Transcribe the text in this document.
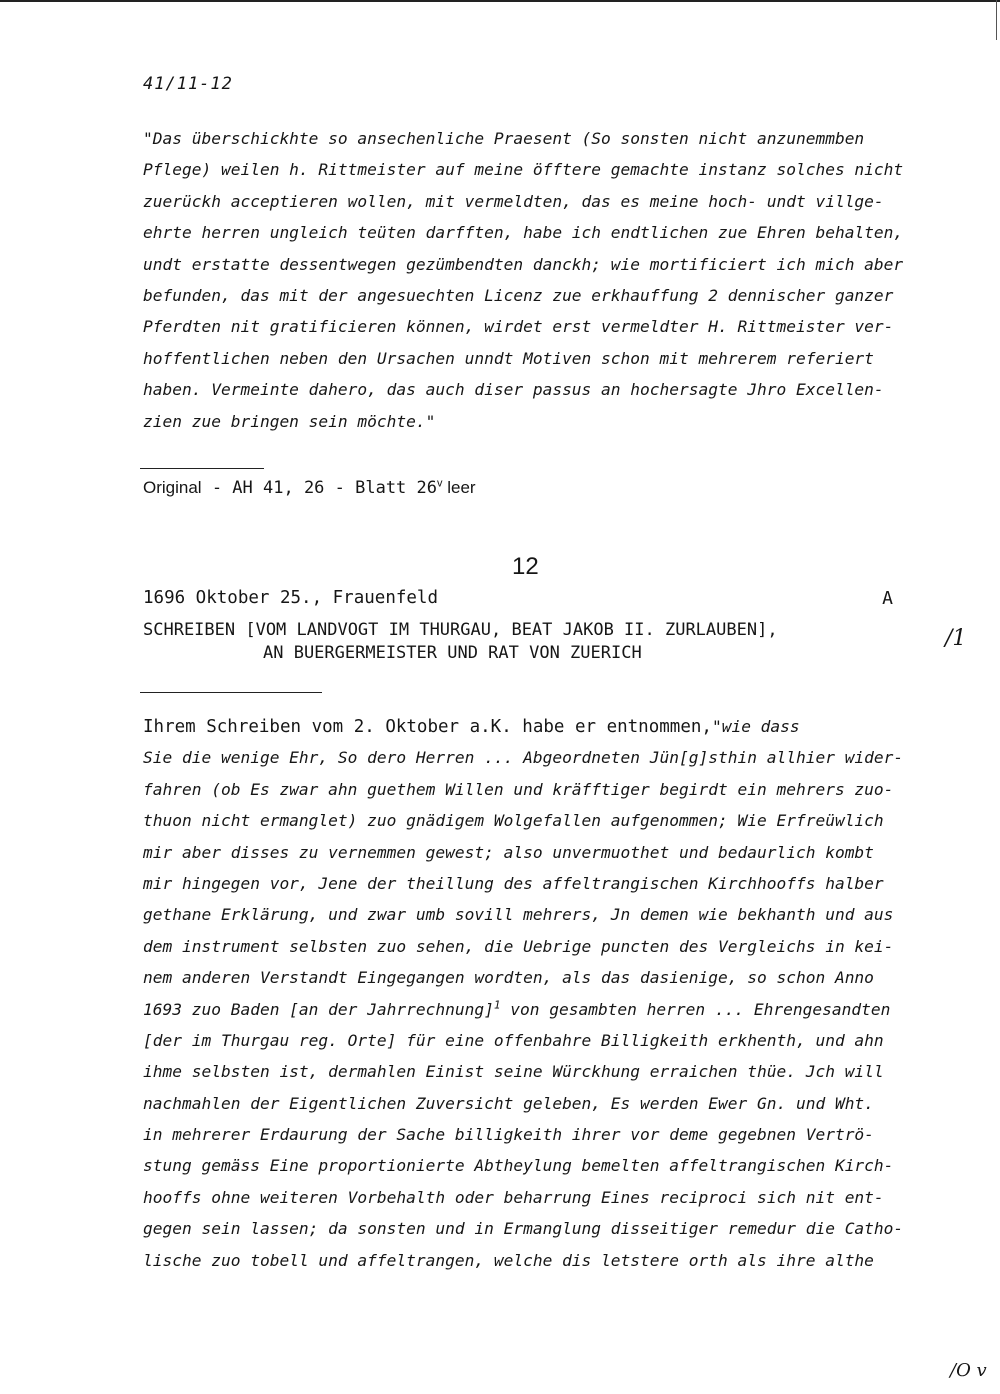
41/11-12
"Das überschickhte so ansechenliche Praesent (So sonsten nicht anzunemmben
Pflege) weilen h. Rittmeister auf meine öfftere gemachte instanz solches nicht
zuerückh acceptieren wollen, mit vermeldten, das es meine hoch- undt villge-
ehrte herren ungleich teüten darfften, habe ich endtlichen zue Ehren behalten,
undt erstatte dessentwegen gezümbendten danckh; wie mortificiert ich mich aber
befunden, das mit der angesuechten Licenz zue erkhauffung 2 dennischer ganzer
Pferdten nit gratificieren können, wirdet erst vermeldter H. Rittmeister ver-
hoffentlichen neben den Ursachen unndt Motiven schon mit mehrerem referiert
haben. Vermeinte dahero, das auch diser passus an hochersagte Jhro Excellen-
zien zue bringen sein möchte."
Original - AH 41, 26 - Blatt 26$^v$ leer
12
1696 Oktober 25., Frauenfeld	A
SCHREIBEN [VOM LANDVOGT IM THURGAU, BEAT JAKOB II. ZURLAUBEN],
AN BUERGERMEISTER UND RAT VON ZUERICH
/1
Ihrem Schreiben vom 2. Oktober a.K. habe er entnommen,"wie dass
Sie die wenige Ehr, So dero Herren ... Abgeordneten Jün[g]sthin allhier wider-
fahren (ob Es zwar ahn guethem Willen und kräfftiger begirdt ein mehrers zuo-
thuon nicht ermanglet) zuo gnädigem Wolgefallen aufgenommen; Wie Erfreüwlich
mir aber disses zu vernemmen gewest; also unvermuothet und bedaurlich kombt
mir hingegen vor, Jene der theillung des affeltrangischen Kirchhooffs halber
gethane Erklärung, und zwar umb sovill mehrers, Jn demen wie bekhanth und aus
dem instrument selbsten zuo sehen, die Uebrige puncten des Vergleichs in kei-
nem anderen Verstandt Eingegangen wordten, als das dasienige, so schon Anno
1693 zuo Baden [an der Jahrrechnung]$^1$ von gesambten herren ... Ehrengesandten
[der im Thurgau reg. Orte] für eine offenbahre Billigkeith erkhenth, und ahn
ihme selbsten ist, dermahlen Einist seine Würckhung erraichen thüe. Jch will
nachmahlen der Eigentlichen Zuversicht geleben, Es werden Ewer Gn. und Wht.
in mehrerer Erdaurung der Sache billigkeith ihrer vor deme gegebnen Vertrö-
stung gemäss Eine proportionierte Abtheylung bemelten affeltrangischen Kirch-
hooffs ohne weiteren Vorbehalth oder beharrung Eines reciproci sich nit ent-
gegen sein lassen; da sonsten und in Ermanglung disseitiger remedur die Catho-
lische zuo tobell und affeltrangen, welche dis letstere orth als ihre althe
/O v
